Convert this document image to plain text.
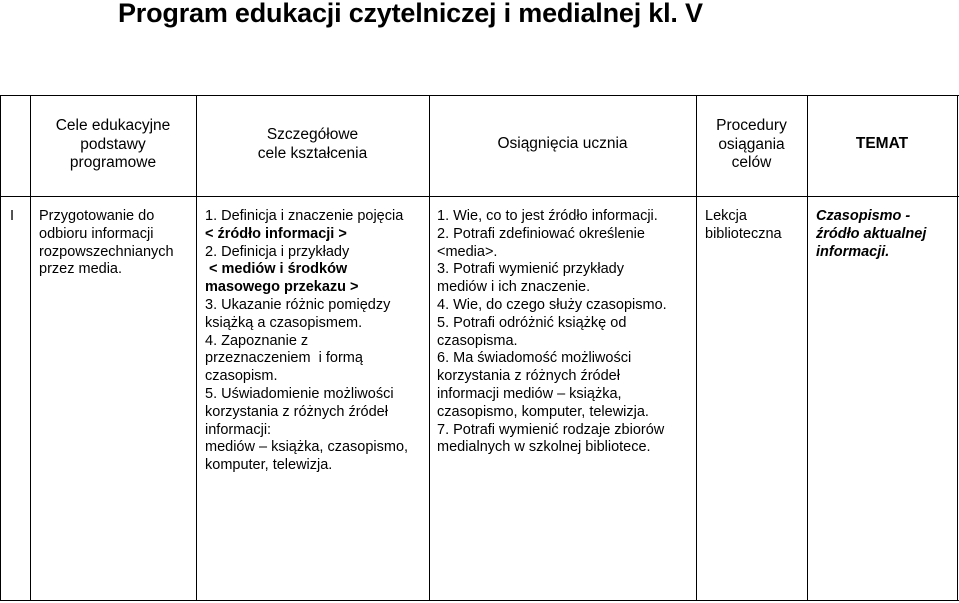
Program edukacji czytelniczej i medialnej kl. V
Cele edukacyjne
podstawy
programowe
Szczegółowe
cele kształcenia
Osiągnięcia ucznia
Procedury
osiągania
celów
TEMAT
I Przygotowanie do
odbioru informacji
rozpowszechnianych
przez media.
1. Definicja i znaczenie pojęcia
< źródło informacji >
2. Definicja i przykłady
< mediów i środków
masowego przekazu >
3. Ukazanie różnic pomiędzy
książką a czasopismem.
4. Zapoznanie z
przeznaczeniem  i formą
czasopism.
5. Uświadomienie możliwości
korzystania z różnych źródeł
informacji:
mediów – książka, czasopismo,
komputer, telewizja.
1. Wie, co to jest źródło informacji.
2. Potrafi zdefiniować określenie
<media>.
3. Potrafi wymienić przykłady
mediów i ich znaczenie.
4. Wie, do czego służy czasopismo.
5. Potrafi odróżnić książkę od
czasopisma.
6. Ma świadomość możliwości
korzystania z różnych źródeł
informacji mediów – książka,
czasopismo, komputer, telewizja.
7. Potrafi wymienić rodzaje zbiorów
medialnych w szkolnej bibliotece.
Lekcja
biblioteczna
Czasopismo -
źródło aktualnej
informacji.
